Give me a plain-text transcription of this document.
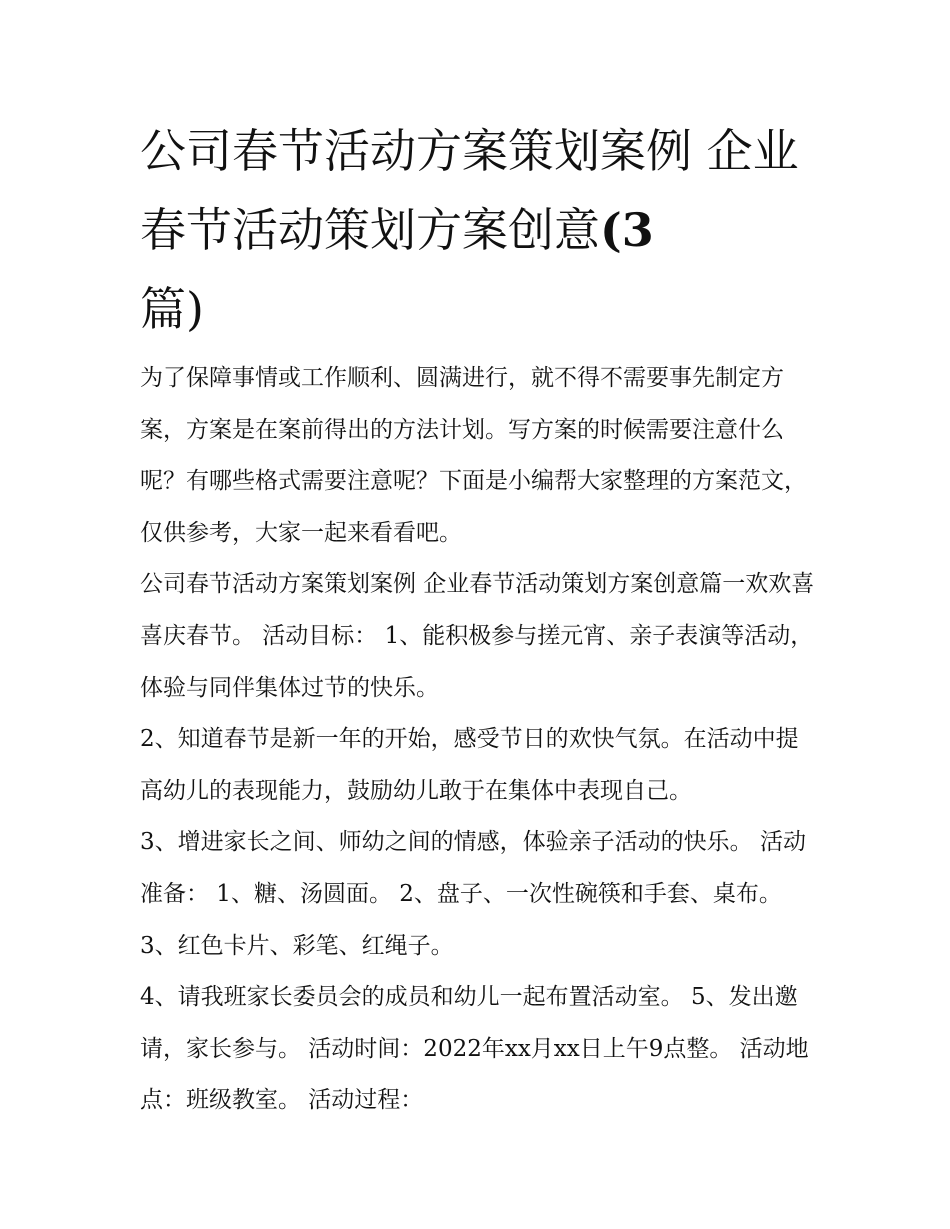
公司春节活动方案策划案例 企业春节活动策划方案创意(3
篇)

为了保障事情或工作顺利、圆满进行，就不得不需要事先制定方案，方案是在案前得出的方法计划。写方案的时候需要注意什么呢？有哪些格式需要注意呢？下面是小编帮大家整理的方案范文，仅供参考，大家一起来看看吧。

公司春节活动方案策划案例 企业春节活动策划方案创意篇一欢欢喜喜庆春节。 活动目标： 1、能积极参与搓元宵、亲子表演等活动，体验与同伴集体过节的快乐。

2、知道春节是新一年的开始，感受节日的欢快气氛。在活动中提高幼儿的表现能力，鼓励幼儿敢于在集体中表现自己。

3、增进家长之间、师幼之间的情感，体验亲子活动的快乐。 活动准备： 1、糖、汤圆面。 2、盘子、一次性碗筷和手套、桌布。 3、红色卡片、彩笔、红绳子。

4、请我班家长委员会的成员和幼儿一起布置活动室。 5、发出邀请，家长参与。 活动时间：2022年xx月xx日上午9点整。 活动地点：班级教室。 活动过程：
